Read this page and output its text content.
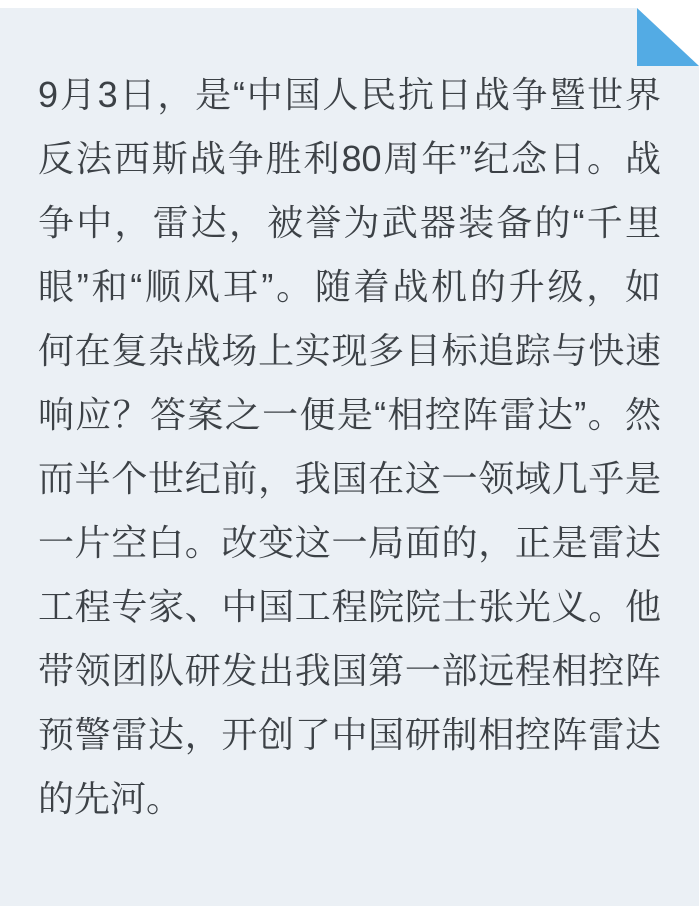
9月3日，是“中国人民抗日战争暨世界
反法西斯战争胜利80周年”纪念日。战
争中，雷达，被誉为武器装备的“千里
眼”和“顺风耳”。随着战机的升级，如
何在复杂战场上实现多目标追踪与快速
响应？答案之一便是“相控阵雷达”。然
而半个世纪前，我国在这一领域几乎是
一片空白。改变这一局面的，正是雷达
工程专家、中国工程院院士张光义。他
带领团队研发出我国第一部远程相控阵
预警雷达，开创了中国研制相控阵雷达
的先河。
